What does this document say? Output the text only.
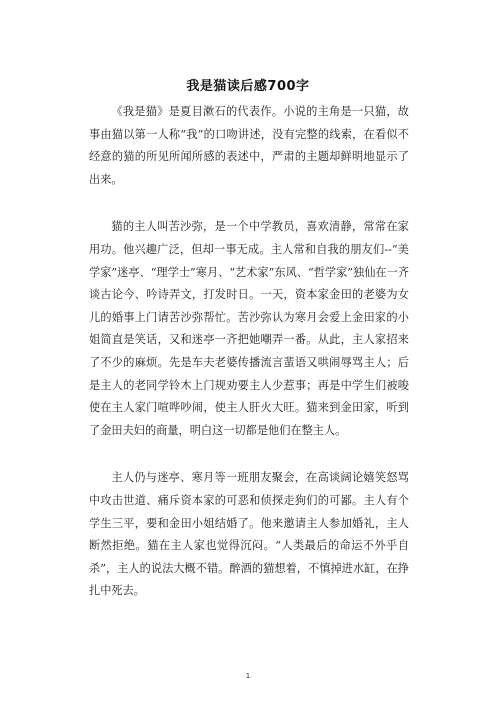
我是猫读后感700字

《我是猫》是夏目漱石的代表作。小说的主角是一只猫，故事由猫以第一人称“我”的口吻讲述，没有完整的线索，在看似不经意的猫的所见所闻所感的表述中，严肃的主题却鲜明地显示了出来。

猫的主人叫苦沙弥，是一个中学教员，喜欢清静，常常在家用功。他兴趣广泛，但却一事无成。主人常和自我的朋友们--“美学家”迷亭、“理学士”寒月、“艺术家”东风、“哲学家”独仙在一齐谈古论今、吟诗弄文，打发时日。一天，资本家金田的老婆为女儿的婚事上门请苦沙弥帮忙。苦沙弥认为寒月会爱上金田家的小姐简直是笑话，又和迷亭一齐把她嘲弄一番。从此，主人家招来了不少的麻烦。先是车夫老婆传播流言蜚语又哄闹辱骂主人；后是主人的老同学铃木上门规劝要主人少惹事；再是中学生们被唆使在主人家门喧哗吵闹，使主人肝火大旺。猫来到金田家，听到了金田夫妇的商量，明白这一切都是他们在整主人。

主人仍与迷亭、寒月等一班朋友聚会，在高谈阔论嬉笑怒骂中攻击世道、痛斥资本家的可恶和侦探走狗们的可鄙。主人有个学生三平，要和金田小姐结婚了。他来邀请主人参加婚礼，主人断然拒绝。猫在主人家也觉得沉闷。“人类最后的命运不外乎自杀”，主人的说法大概不错。醉酒的猫想着，不慎掉进水缸，在挣扎中死去。

1
